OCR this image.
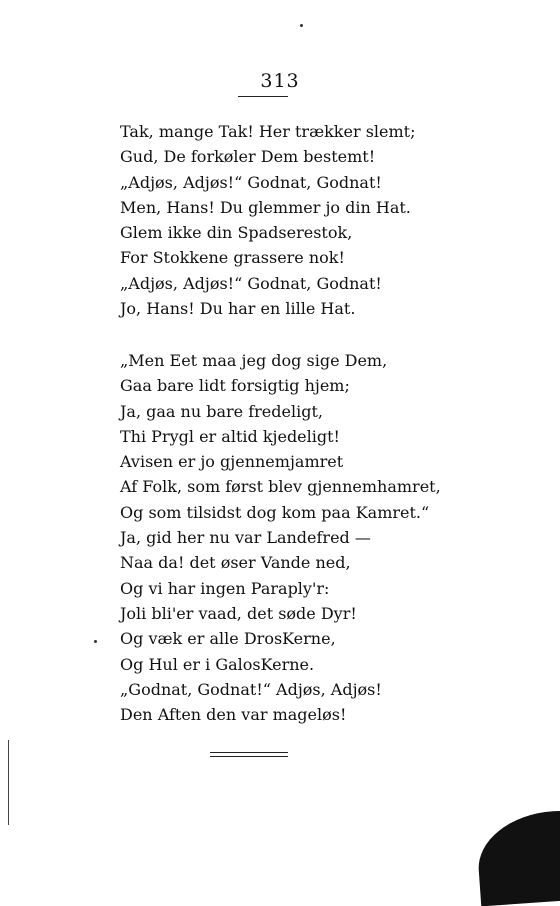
313
Tak, mange Tak! Her trækker slemt;
Gud, De forkøler Dem bestemt!
„Adjøs, Adjøs!“ Godnat, Godnat!
Men, Hans! Du glemmer jo din Hat.
Glem ikke din Spadserestok,
For Stokkene grassere nok!
„Adjøs, Adjøs!“ Godnat, Godnat!
Jo, Hans! Du har en lille Hat.
„Men Eet maa jeg dog sige Dem,
Gaa bare lidt forsigtig hjem;
Ja, gaa nu bare fredeligt,
Thi Prygl er altid kjedeligt!
Avisen er jo gjennemjamret
Af Folk, som først blev gjennemhamret,
Og som tilsidst dog kom paa Kamret.“
Ja, gid her nu var Landefred —
Naa da! det øser Vande ned,
Og vi har ingen Paraply'r:
Joli bli'er vaad, det søde Dyr!
Og væk er alle DrosKerne,
Og Hul er i GalosKerne.
„Godnat, Godnat!“ Adjøs, Adjøs!
Den Aften den var mageløs!
